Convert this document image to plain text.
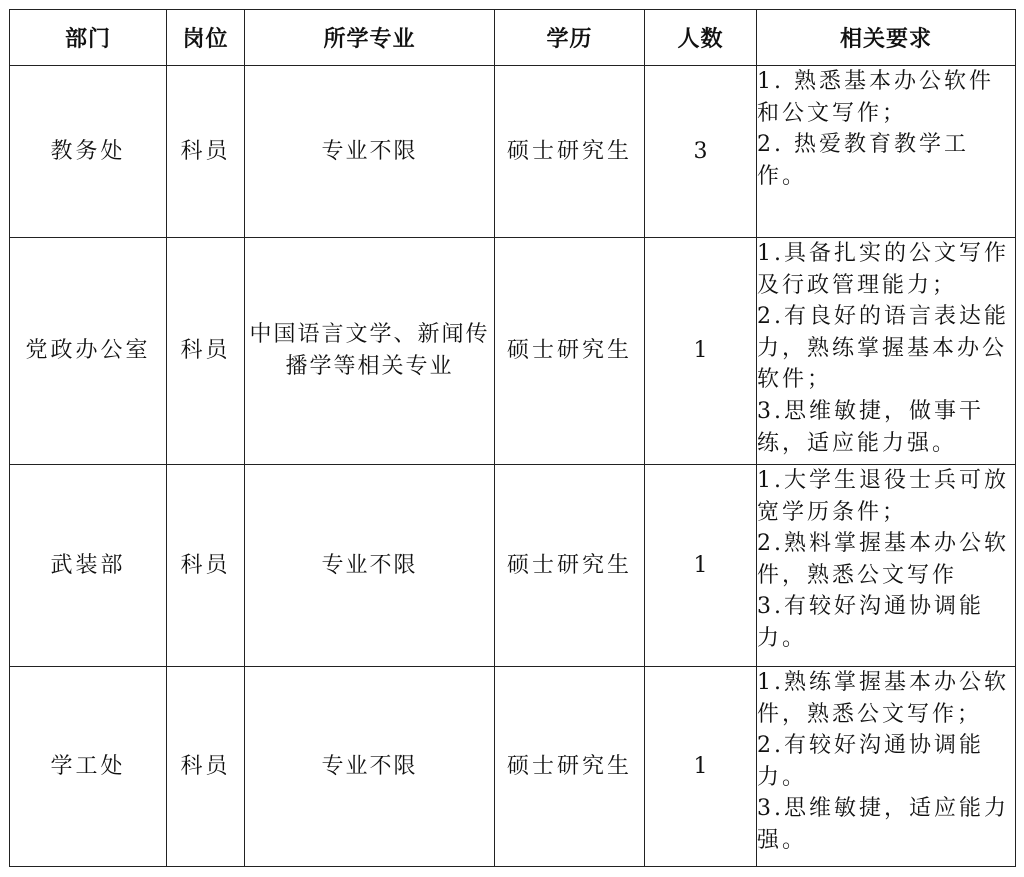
部门	岗位	所学专业	学历	人数	相关要求
教务处	科员	专业不限	硕士研究生	3	1. 熟悉基本办公软件和公文写作；
2. 热爱教育教学工作。

党政办公室	科员	中国语言文学、新闻传播学等相关专业	硕士研究生	1	1.具备扎实的公文写作及行政管理能力；
2.有良好的语言表达能力，熟练掌握基本办公软件；
3.思维敏捷，做事干练，适应能力强。

武装部	科员	专业不限	硕士研究生	1	1.大学生退役士兵可放宽学历条件；
2.熟料掌握基本办公软件，熟悉公文写作
3.有较好沟通协调能力。

学工处	科员	专业不限	硕士研究生	1	1.熟练掌握基本办公软件，熟悉公文写作；
2.有较好沟通协调能力。
3.思维敏捷，适应能力强。
